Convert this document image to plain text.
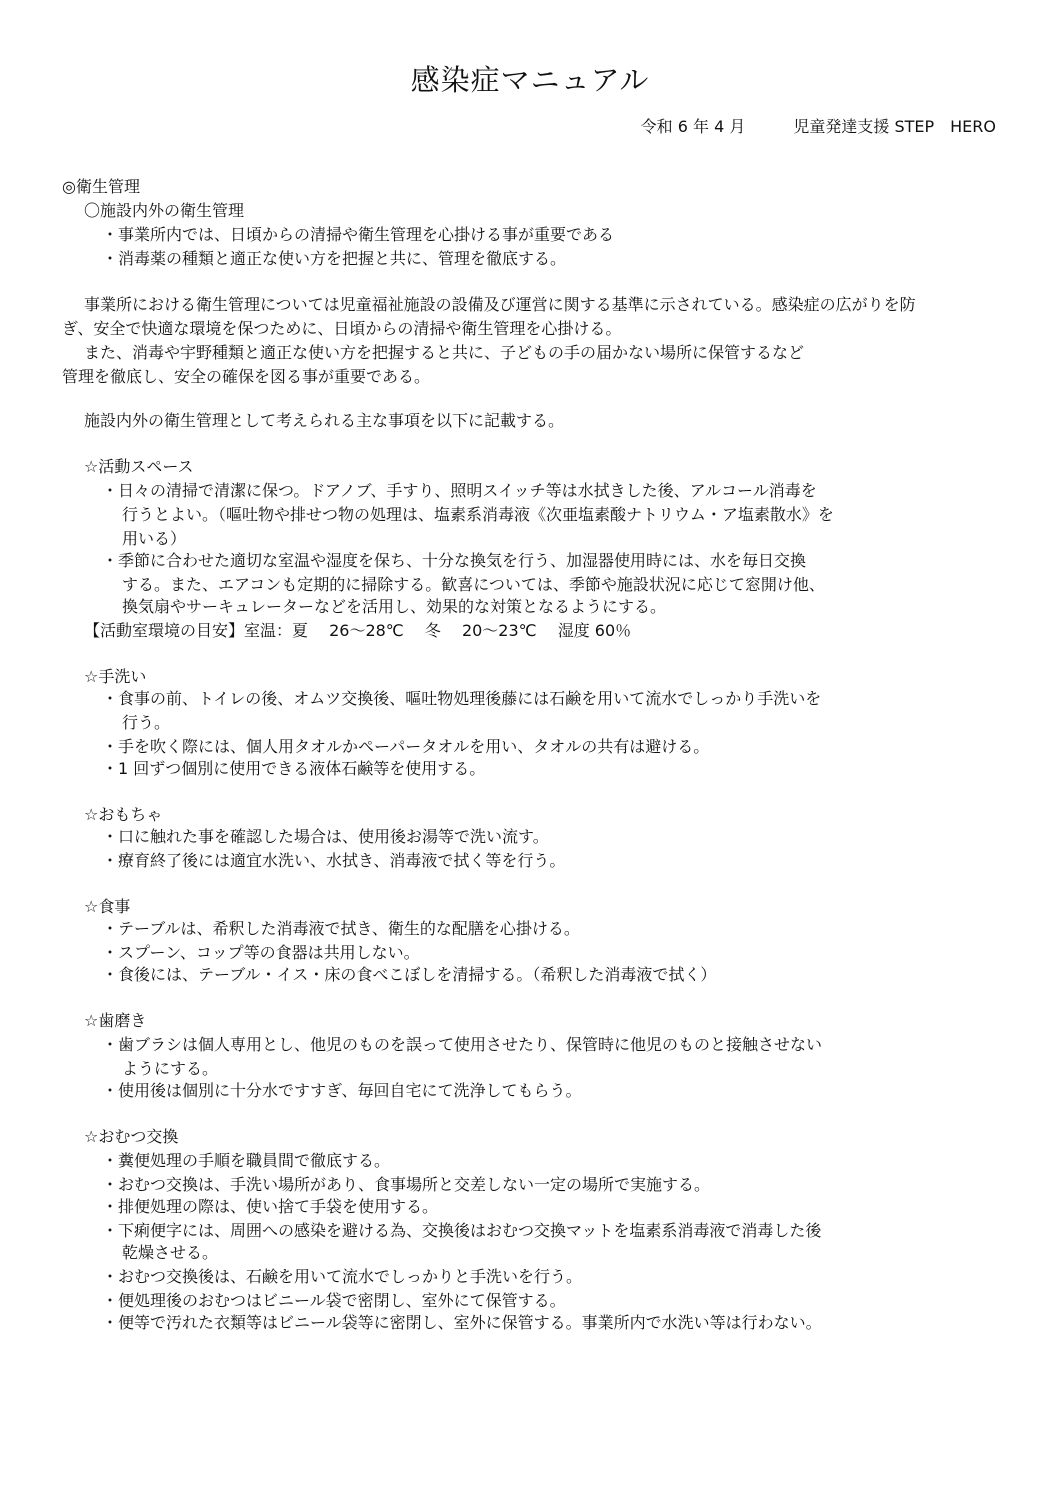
感染症マニュアル
令和 6 年 4 月　　　児童発達支援 STEP　HERO
◎衛生管理
〇施設内外の衛生管理
・事業所内では、日頃からの清掃や衛生管理を心掛ける事が重要である
・消毒薬の種類と適正な使い方を把握と共に、管理を徹底する。
事業所における衛生管理については児童福祉施設の設備及び運営に関する基準に示されている。感染症の広がりを防
ぎ、安全で快適な環境を保つために、日頃からの清掃や衛生管理を心掛ける。
また、消毒や宇野種類と適正な使い方を把握すると共に、子どもの手の届かない場所に保管するなど
管理を徹底し、安全の確保を図る事が重要である。
施設内外の衛生管理として考えられる主な事項を以下に記載する。
☆活動スペース
・日々の清掃で清潔に保つ。ドアノブ、手すり、照明スイッチ等は水拭きした後、アルコール消毒を
行うとよい。（嘔吐物や排せつ物の処理は、塩素系消毒液《次亜塩素酸ナトリウム・ア塩素散水》を
用いる）
・季節に合わせた適切な室温や湿度を保ち、十分な換気を行う、加湿器使用時には、水を毎日交換
する。また、エアコンも定期的に掃除する。歓喜については、季節や施設状況に応じて窓開け他、
換気扇やサーキュレーターなどを活用し、効果的な対策となるようにする。
【活動室環境の目安】室温：夏　 26～28℃　 冬　 20～23℃　 湿度 60％
☆手洗い
・食事の前、トイレの後、オムツ交換後、嘔吐物処理後藤には石鹸を用いて流水でしっかり手洗いを
行う。
・手を吹く際には、個人用タオルかペーパータオルを用い、タオルの共有は避ける。
・1 回ずつ個別に使用できる液体石鹸等を使用する。
☆おもちゃ
・口に触れた事を確認した場合は、使用後お湯等で洗い流す。
・療育終了後には適宜水洗い、水拭き、消毒液で拭く等を行う。
☆食事
・テーブルは、希釈した消毒液で拭き、衛生的な配膳を心掛ける。
・スプーン、コップ等の食器は共用しない。
・食後には、テーブル・イス・床の食べこぼしを清掃する。（希釈した消毒液で拭く）
☆歯磨き
・歯ブラシは個人専用とし、他児のものを誤って使用させたり、保管時に他児のものと接触させない
ようにする。
・使用後は個別に十分水ですすぎ、毎回自宅にて洗浄してもらう。
☆おむつ交換
・糞便処理の手順を職員間で徹底する。
・おむつ交換は、手洗い場所があり、食事場所と交差しない一定の場所で実施する。
・排便処理の際は、使い捨て手袋を使用する。
・下痢便字には、周囲への感染を避ける為、交換後はおむつ交換マットを塩素系消毒液で消毒した後
乾燥させる。
・おむつ交換後は、石鹸を用いて流水でしっかりと手洗いを行う。
・便処理後のおむつはビニール袋で密閉し、室外にて保管する。
・便等で汚れた衣類等はビニール袋等に密閉し、室外に保管する。事業所内で水洗い等は行わない。
